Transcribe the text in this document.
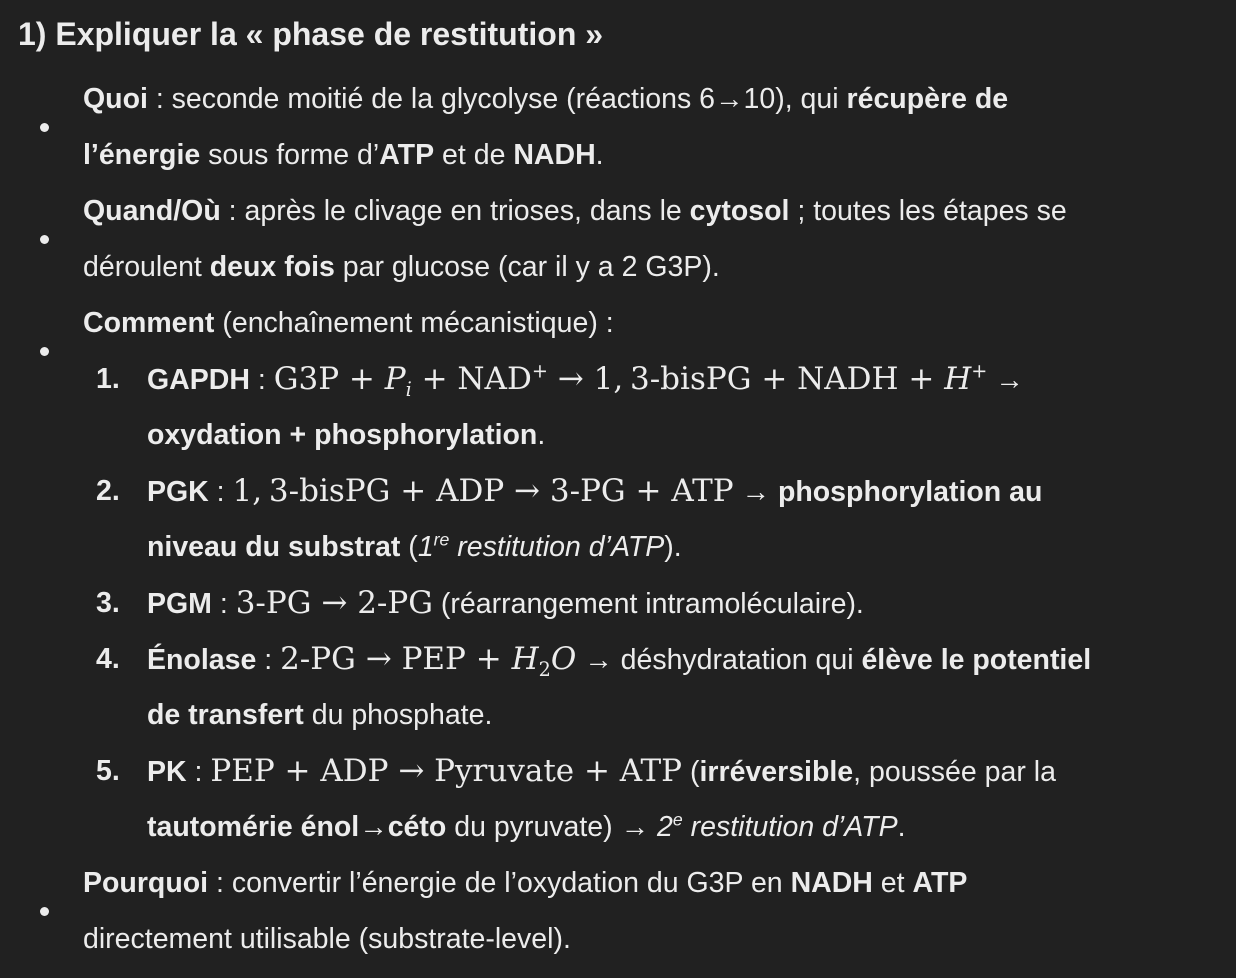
1) Expliquer la « phase de restitution »
Quoi : seconde moitié de la glycolyse (réactions 6→10), qui récupère de
l’énergie sous forme d’ATP et de NADH.
Quand/Où : après le clivage en trioses, dans le cytosol ; toutes les étapes se
déroulent deux fois par glucose (car il y a 2 G3P).
Comment (enchaînement mécanistique) :
1. GAPDH : $G3P + P_i + NAD^+ \to 1$, 3-bisPG + NADH + H+ →
oxydation + phosphorylation.
2. PGK : 1, 3-bisPG + ADP → 3-PG + ATP → phosphorylation au
niveau du substrat (1re restitution d’ATP).
3. PGM : 3-PG → 2-PG (réarrangement intramoléculaire).
4. Énolase : 2-PG → PEP + $H_2O$ → déshydratation qui élève le potentiel
de transfert du phosphate.
5. PK : PEP + ADP → Pyruvate + ATP (irréversible, poussée par la
tautomérie énol→céto du pyruvate) → $2^e$ restitution d’ATP.
Pourquoi : convertir l’énergie de l’oxydation du G3P en NADH et ATP
directement utilisable (substrate-level).
